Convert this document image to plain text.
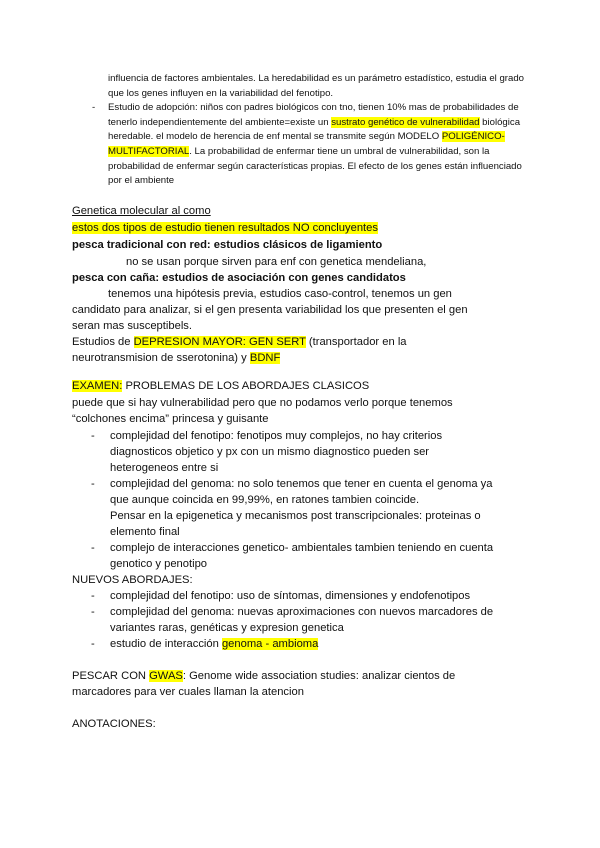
influencia de factores ambientales. La heredabilidad es un parámetro estadístico, estudia el grado que los genes influyen en la variabilidad del fenotipo.
- Estudio de adopción: niños con padres biológicos con tno, tienen 10% mas de probabilidades de tenerlo independientemente del ambiente=existe un sustrato genético de vulnerabilidad biológica heredable. el modelo de herencia de enf mental se transmite según MODELO POLIGÉNICO- MULTIFACTORIAL. La probabilidad de enfermar tiene un umbral de vulnerabilidad, son la probabilidad de enfermar según características propias. El efecto de los genes están influenciado por el ambiente
Genetica molecular al como
estos dos tipos de estudio tienen resultados NO concluyentes
pesca tradicional con red: estudios clásicos de ligamiento
no se usan porque sirven para enf con genetica mendeliana,
pesca con caña: estudios de asociación con genes candidatos
tenemos una hipótesis previa, estudios caso-control, tenemos un gen
candidato para analizar, si el gen presenta variabilidad los que presenten el gen
seran mas susceptibels.
Estudios de DEPRESION MAYOR: GEN SERT (transportador en la
neurotransmision de sserotonina) y BDNF
EXAMEN: PROBLEMAS DE LOS ABORDAJES CLASICOS
puede que si hay vulnerabilidad pero que no podamos verlo porque tenemos
“colchones encima” princesa y guisante
- complejidad del fenotipo: fenotipos muy complejos, no hay criterios
diagnosticos objetico y px con un mismo diagnostico pueden ser
heterogeneos entre si
- complejidad del genoma: no solo tenemos que tener en cuenta el genoma ya
que aunque coincida en 99,99%, en ratones tambien coincide.
Pensar en la epigenetica y mecanismos post transcripcionales: proteinas o
elemento final
- complejo de interacciones genetico- ambientales tambien teniendo en cuenta
genotico y penotipo
NUEVOS ABORDAJES:
- complejidad del fenotipo: uso de síntomas, dimensiones y endofenotipos
- complejidad del genoma: nuevas aproximaciones con nuevos marcadores de
variantes raras, genéticas y expresion genetica
- estudio de interacción genoma - ambioma
PESCAR CON GWAS: Genome wide association studies: analizar cientos de
marcadores para ver cuales llaman la atencion
ANOTACIONES:
